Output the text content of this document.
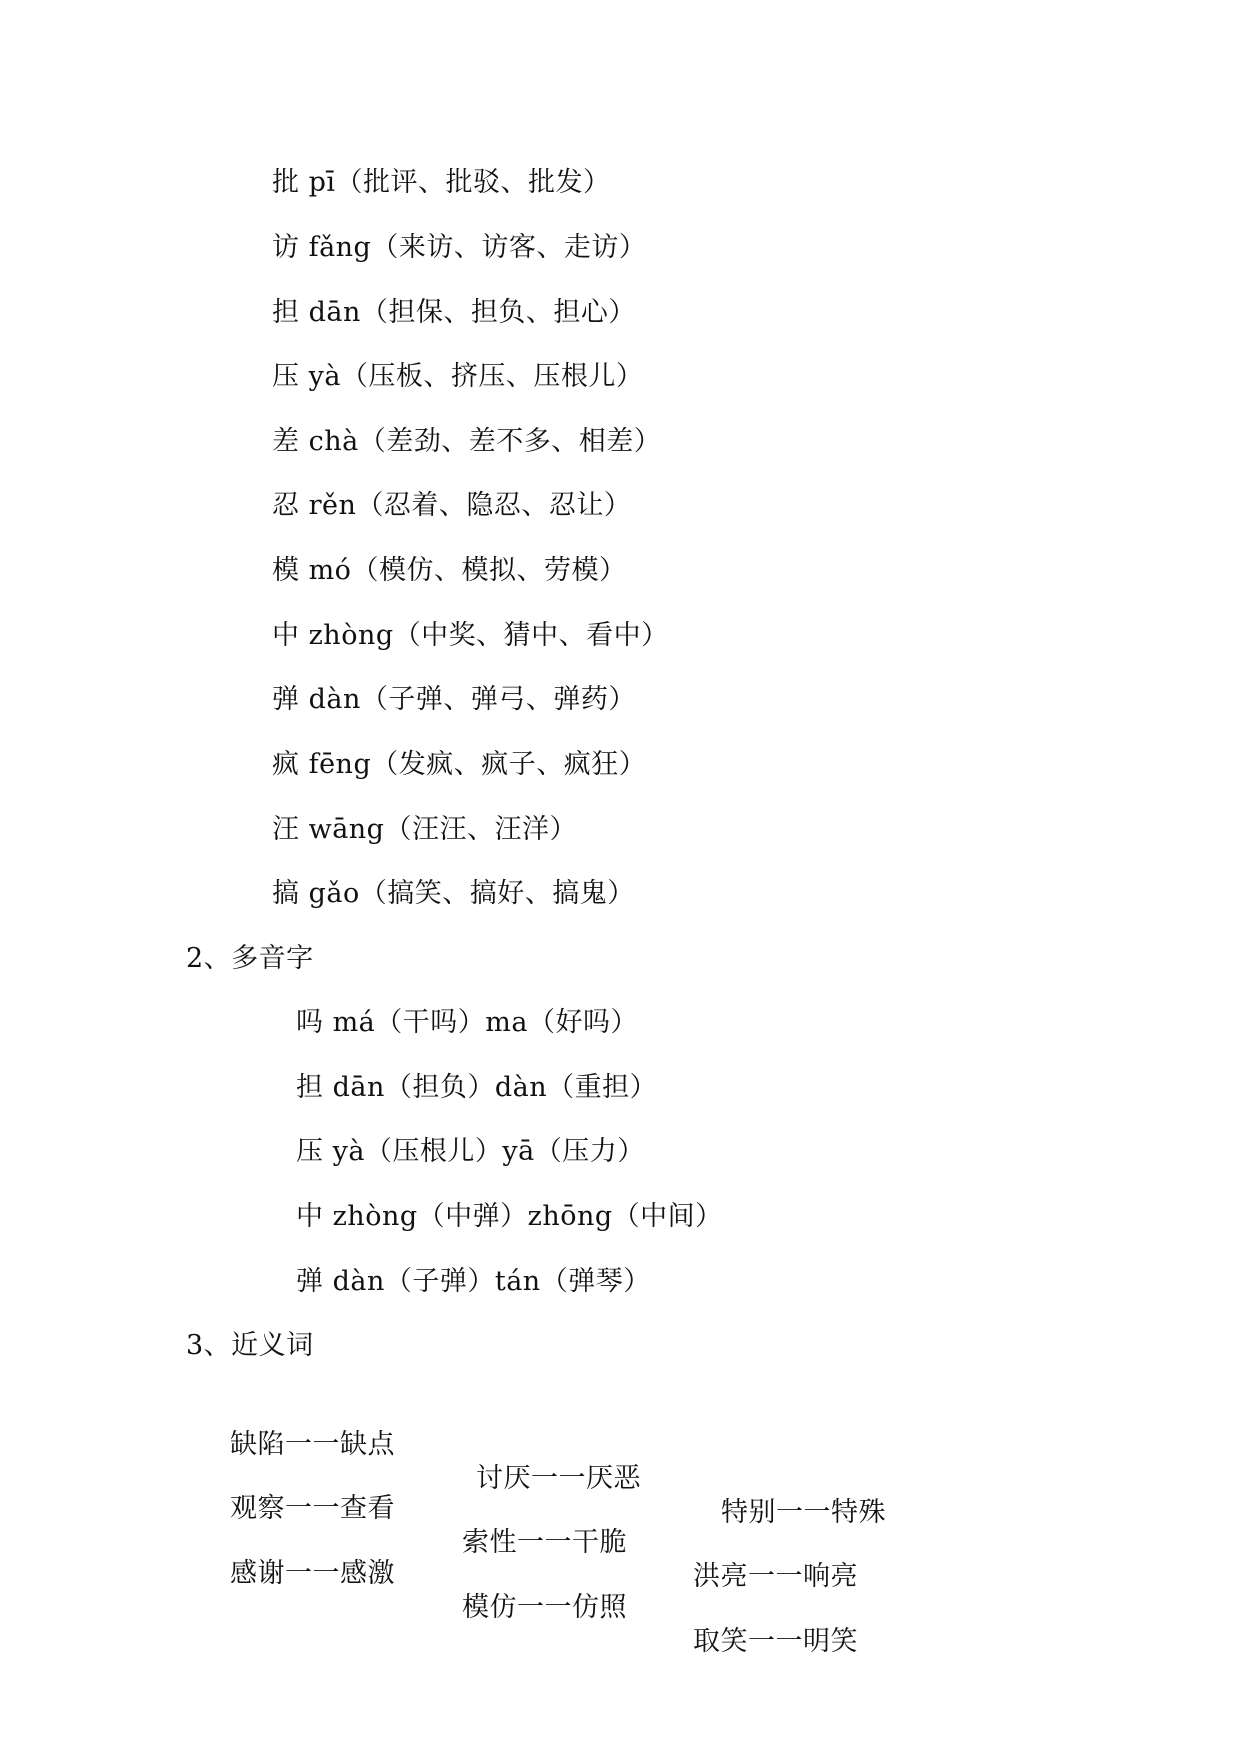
批 pī（批评、批驳、批发）
访 fǎng（来访、访客、走访）
担 dān（担保、担负、担心）
压 yà（压板、挤压、压根儿）
差 chà（差劲、差不多、相差）
忍 rěn（忍着、隐忍、忍让）
模 mó（模仿、模拟、劳模）
中 zhòng（中奖、猜中、看中）
弹 dàn（子弹、弹弓、弹药）
疯 fēng（发疯、疯子、疯狂）
汪 wāng（汪汪、汪洋）
搞 gǎo（搞笑、搞好、搞鬼）
2、多音字
吗 má（干吗）ma（好吗）
担 dān（担负）dàn（重担）
压 yà（压根儿）yā（压力）
中 zhòng（中弹）zhōng（中间）
弹 dàn（子弹）tán（弹琴）
3、近义词

缺陷一一缺点

讨厌一一厌恶

特别一一特殊

观察一一查看

索性一一干脆

洪亮一一响亮

感谢一一感激

模仿一一仿照

取笑一一明笑
